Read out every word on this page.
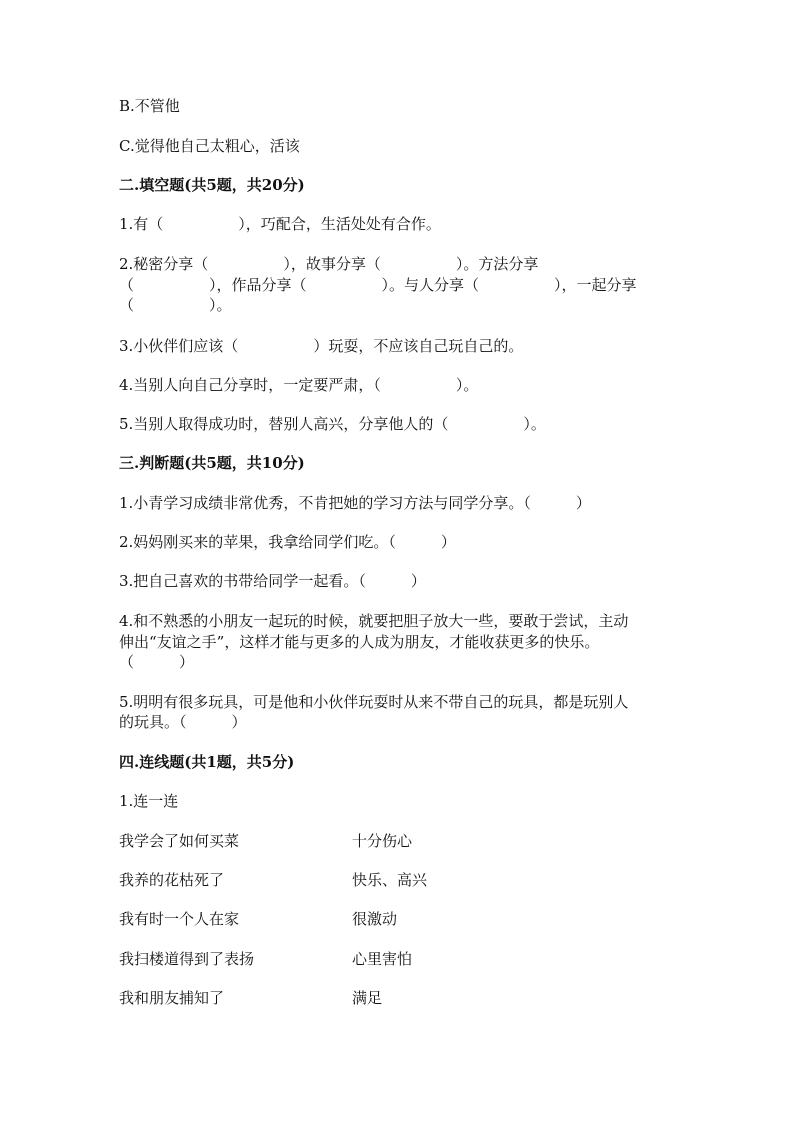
B.不管他
C.觉得他自己太粗心，活该
二.填空题(共5题，共20分)
1.有（　　　　　），巧配合，生活处处有合作。
2.秘密分享（　　　　　），故事分享（　　　　　）。方法分享
（　　　　　），作品分享（　　　　　）。与人分享（　　　　　），一起分享
（　　　　　）。
3.小伙伴们应该（　　　　　）玩耍，不应该自己玩自己的。
4.当别人向自己分享时，一定要严肃，（　　　　　）。
5.当别人取得成功时，替别人高兴，分享他人的（　　　　　）。
三.判断题(共5题，共10分)
1.小青学习成绩非常优秀，不肯把她的学习方法与同学分享。（　　　）
2.妈妈刚买来的苹果，我拿给同学们吃。（　　　）
3.把自己喜欢的书带给同学一起看。（　　　）
4.和不熟悉的小朋友一起玩的时候，就要把胆子放大一些，要敢于尝试，主动
伸出“友谊之手”，这样才能与更多的人成为朋友，才能收获更多的快乐。
（　　　）
5.明明有很多玩具，可是他和小伙伴玩耍时从来不带自己的玩具，都是玩别人
的玩具。（　　　）
四.连线题(共1题，共5分)
1.连一连
我学会了如何买菜	十分伤心
我养的花枯死了	快乐、高兴
我有时一个人在家	很激动
我扫楼道得到了表扬	心里害怕
我和朋友捕知了	满足
